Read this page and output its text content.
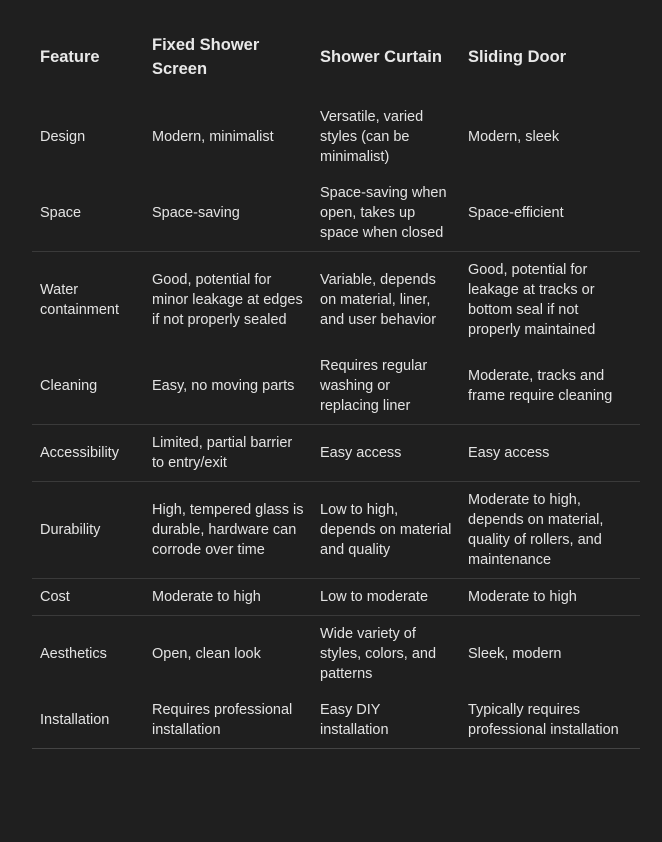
Feature	Fixed Shower Screen	Shower Curtain	Sliding Door
Design	Modern, minimalist	Versatile, varied styles (can be minimalist)	Modern, sleek
Space	Space-saving	Space-saving when open, takes up space when closed	Space-efficient
Water containment	Good, potential for minor leakage at edges if not properly sealed	Variable, depends on material, liner, and user behavior	Good, potential for leakage at tracks or bottom seal if not properly maintained
Cleaning	Easy, no moving parts	Requires regular washing or replacing liner	Moderate, tracks and frame require cleaning
Accessibility	Limited, partial barrier to entry/exit	Easy access	Easy access
Durability	High, tempered glass is durable, hardware can corrode over time	Low to high, depends on material and quality	Moderate to high, depends on material, quality of rollers, and maintenance
Cost	Moderate to high	Low to moderate	Moderate to high
Aesthetics	Open, clean look	Wide variety of styles, colors, and patterns	Sleek, modern
Installation	Requires professional installation	Easy DIY installation	Typically requires professional installation
